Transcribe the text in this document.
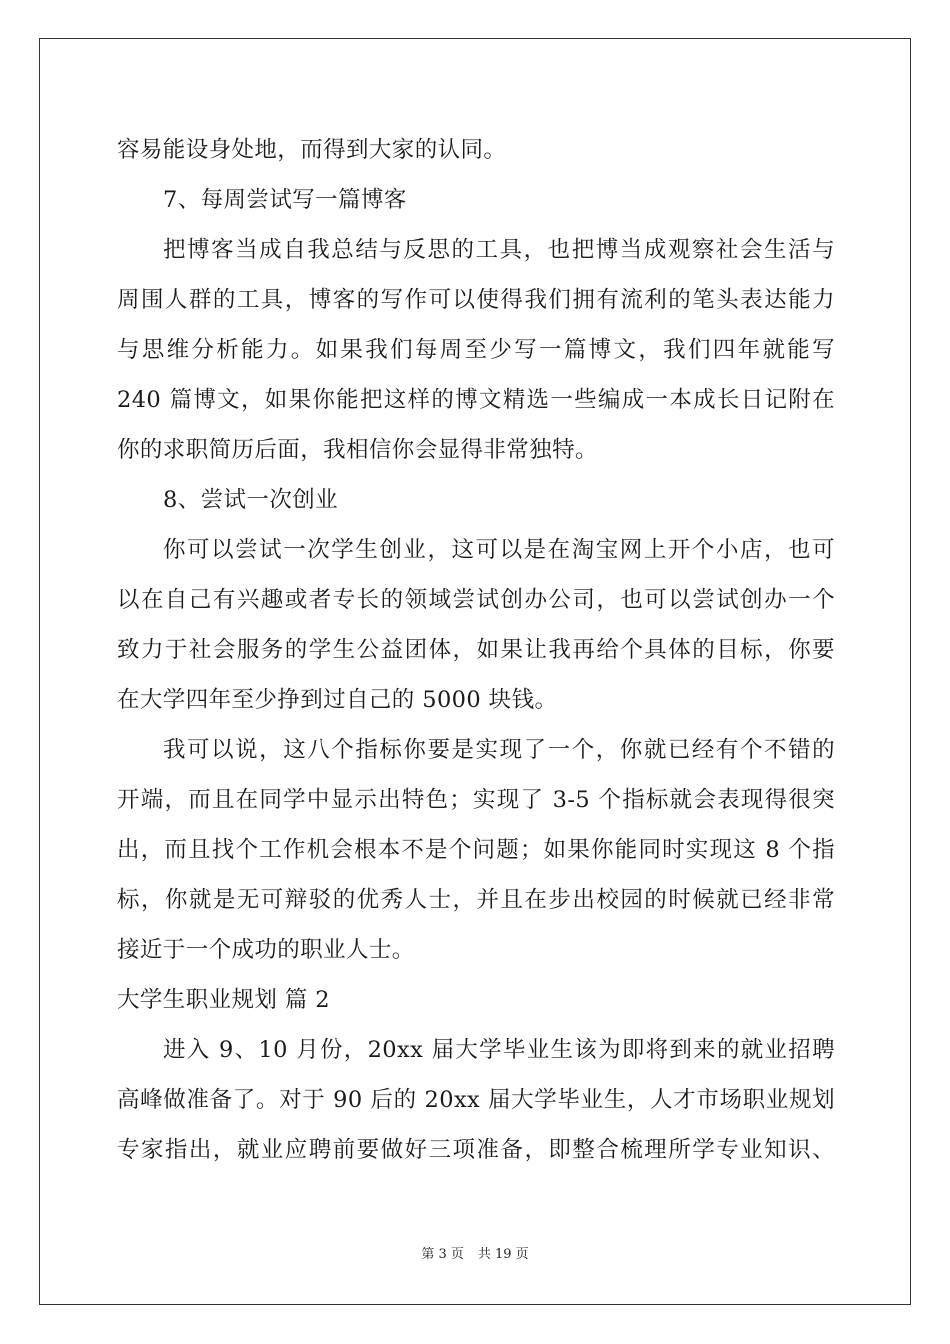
容易能设身处地，而得到大家的认同。
7、每周尝试写一篇博客
把博客当成自我总结与反思的工具，也把博当成观察社会生活与
周围人群的工具，博客的写作可以使得我们拥有流利的笔头表达能力
与思维分析能力。如果我们每周至少写一篇博文，我们四年就能写
240 篇博文，如果你能把这样的博文精选一些编成一本成长日记附在
你的求职简历后面，我相信你会显得非常独特。
8、尝试一次创业
你可以尝试一次学生创业，这可以是在淘宝网上开个小店，也可
以在自己有兴趣或者专长的领域尝试创办公司，也可以尝试创办一个
致力于社会服务的学生公益团体，如果让我再给个具体的目标，你要
在大学四年至少挣到过自己的 5000 块钱。
我可以说，这八个指标你要是实现了一个，你就已经有个不错的
开端，而且在同学中显示出特色；实现了 3-5 个指标就会表现得很突
出，而且找个工作机会根本不是个问题；如果你能同时实现这 8 个指
标，你就是无可辩驳的优秀人士，并且在步出校园的时候就已经非常
接近于一个成功的职业人士。
大学生职业规划 篇 2
进入 9、10 月份，20xx 届大学毕业生该为即将到来的就业招聘
高峰做准备了。对于 90 后的 20xx 届大学毕业生，人才市场职业规划
专家指出，就业应聘前要做好三项准备，即整合梳理所学专业知识、
第 3 页 共 19 页
